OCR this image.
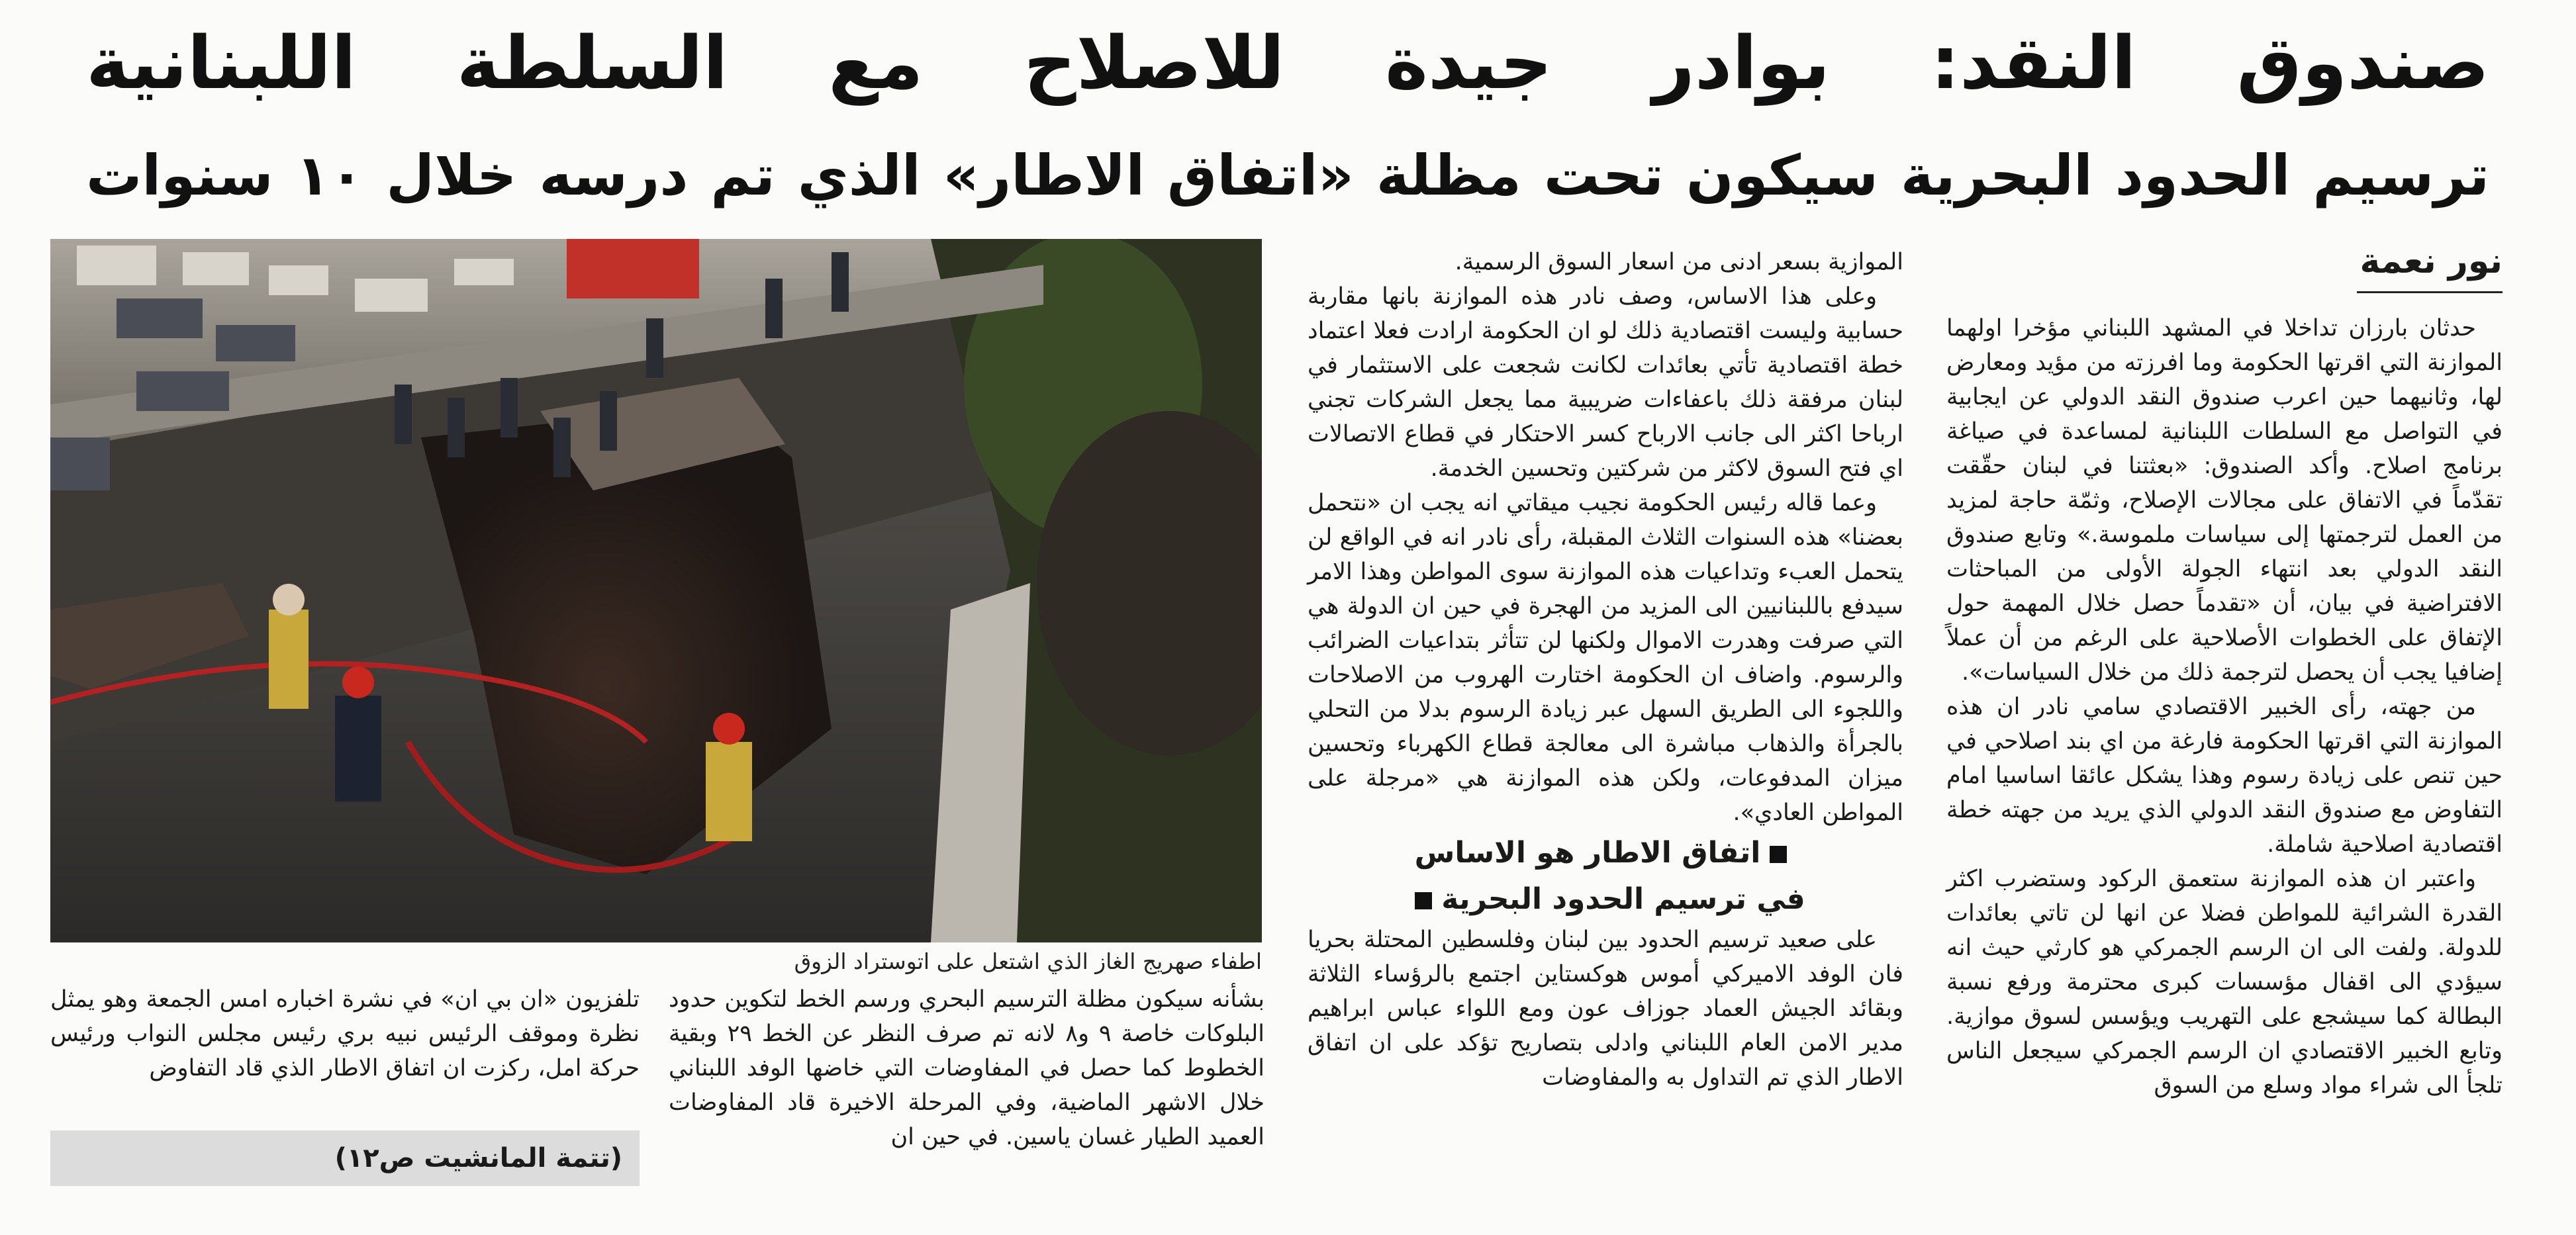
صندوق النقد: بوادر جيدة للاصلاح مع السلطة اللبنانية
ترسيم الحدود البحرية سيكون تحت مظلة «اتفاق الاطار» الذي تم درسه خلال ١٠ سنوات
نور نعمة

حدثان بارزان تداخلا في المشهد اللبناني مؤخرا اولهما الموازنة التي اقرتها الحكومة وما افرزته من مؤيد ومعارض لها، وثانيهما حين اعرب صندوق النقد الدولي عن ايجابية في التواصل مع السلطات اللبنانية لمساعدة في صياغة برنامج اصلاح. وأكد الصندوق: «بعثتنا في لبنان حقّقت تقدّماً في الاتفاق على مجالات الإصلاح، وثمّة حاجة لمزيد من العمل لترجمتها إلى سياسات ملموسة.» وتابع صندوق النقد الدولي بعد انتهاء الجولة الأولى من المباحثات الافتراضية في بيان، أن «تقدماً حصل خلال المهمة حول الإتفاق على الخطوات الأصلاحية على الرغم من أن عملاً إضافيا يجب أن يحصل لترجمة ذلك من خلال السياسات».

من جهته، رأى الخبير الاقتصادي سامي نادر ان هذه الموازنة التي اقرتها الحكومة فارغة من اي بند اصلاحي في حين تنص على زيادة رسوم وهذا يشكل عائقا اساسيا امام التفاوض مع صندوق النقد الدولي الذي يريد من جهته خطة اقتصادية اصلاحية شاملة.

واعتبر ان هذه الموازنة ستعمق الركود وستضرب اكثر القدرة الشرائية للمواطن فضلا عن انها لن تاتي بعائدات للدولة. ولفت الى ان الرسم الجمركي هو كارثي حيث انه سيؤدي الى اقفال مؤسسات كبرى محترمة ورفع نسبة البطالة كما سيشجع على التهريب ويؤسس لسوق موازية. وتابع الخبير الاقتصادي ان الرسم الجمركي سيجعل الناس تلجأ الى شراء مواد وسلع من السوق

الموازية بسعر ادنى من اسعار السوق الرسمية.

وعلى هذا الاساس، وصف نادر هذه الموازنة بانها مقاربة حسابية وليست اقتصادية ذلك لو ان الحكومة ارادت فعلا اعتماد خطة اقتصادية تأتي بعائدات لكانت شجعت على الاستثمار في لبنان مرفقة ذلك باعفاءات ضريبية مما يجعل الشركات تجني ارباحا اكثر الى جانب الارباح كسر الاحتكار في قطاع الاتصالات اي فتح السوق لاكثر من شركتين وتحسين الخدمة.

وعما قاله رئيس الحكومة نجيب ميقاتي انه يجب ان «نتحمل بعضنا» هذه السنوات الثلاث المقبلة، رأى نادر انه في الواقع لن يتحمل العبء وتداعيات هذه الموازنة سوى المواطن وهذا الامر سيدفع باللبنانيين الى المزيد من الهجرة في حين ان الدولة هي التي صرفت وهدرت الاموال ولكنها لن تتأثر بتداعيات الضرائب والرسوم. واضاف ان الحكومة اختارت الهروب من الاصلاحات واللجوء الى الطريق السهل عبر زيادة الرسوم بدلا من التحلي بالجرأة والذهاب مباشرة الى معالجة قطاع الكهرباء وتحسين ميزان المدفوعات، ولكن هذه الموازنة هي «مرجلة على المواطن العادي».

اتفاق الاطار هو الاساس

في ترسيم الحدود البحرية

على صعيد ترسيم الحدود بين لبنان وفلسطين المحتلة بحريا فان الوفد الاميركي أموس هوكستاين اجتمع بالرؤساء الثلاثة وبقائد الجيش العماد جوزاف عون ومع اللواء عباس ابراهيم مدير الامن العام اللبناني وادلى بتصاريح تؤكد على ان اتفاق الاطار الذي تم التداول به والمفاوضات

اطفاء صهريج الغاز الذي اشتعل على اتوستراد الزوق

بشأنه سيكون مظلة الترسيم البحري ورسم الخط لتكوين حدود البلوكات خاصة ٩ و٨ لانه تم صرف النظر عن الخط ٢٩ وبقية الخطوط كما حصل في المفاوضات التي خاضها الوفد اللبناني خلال الاشهر الماضية، وفي المرحلة الاخيرة قاد المفاوضات العميد الطيار غسان ياسين. في حين ان

تلفزيون «ان بي ان» في نشرة اخباره امس الجمعة وهو يمثل نظرة وموقف الرئيس نبيه بري رئيس مجلس النواب ورئيس حركة امل، ركزت ان اتفاق الاطار الذي قاد التفاوض

(تتمة المانشيت ص١٢)
